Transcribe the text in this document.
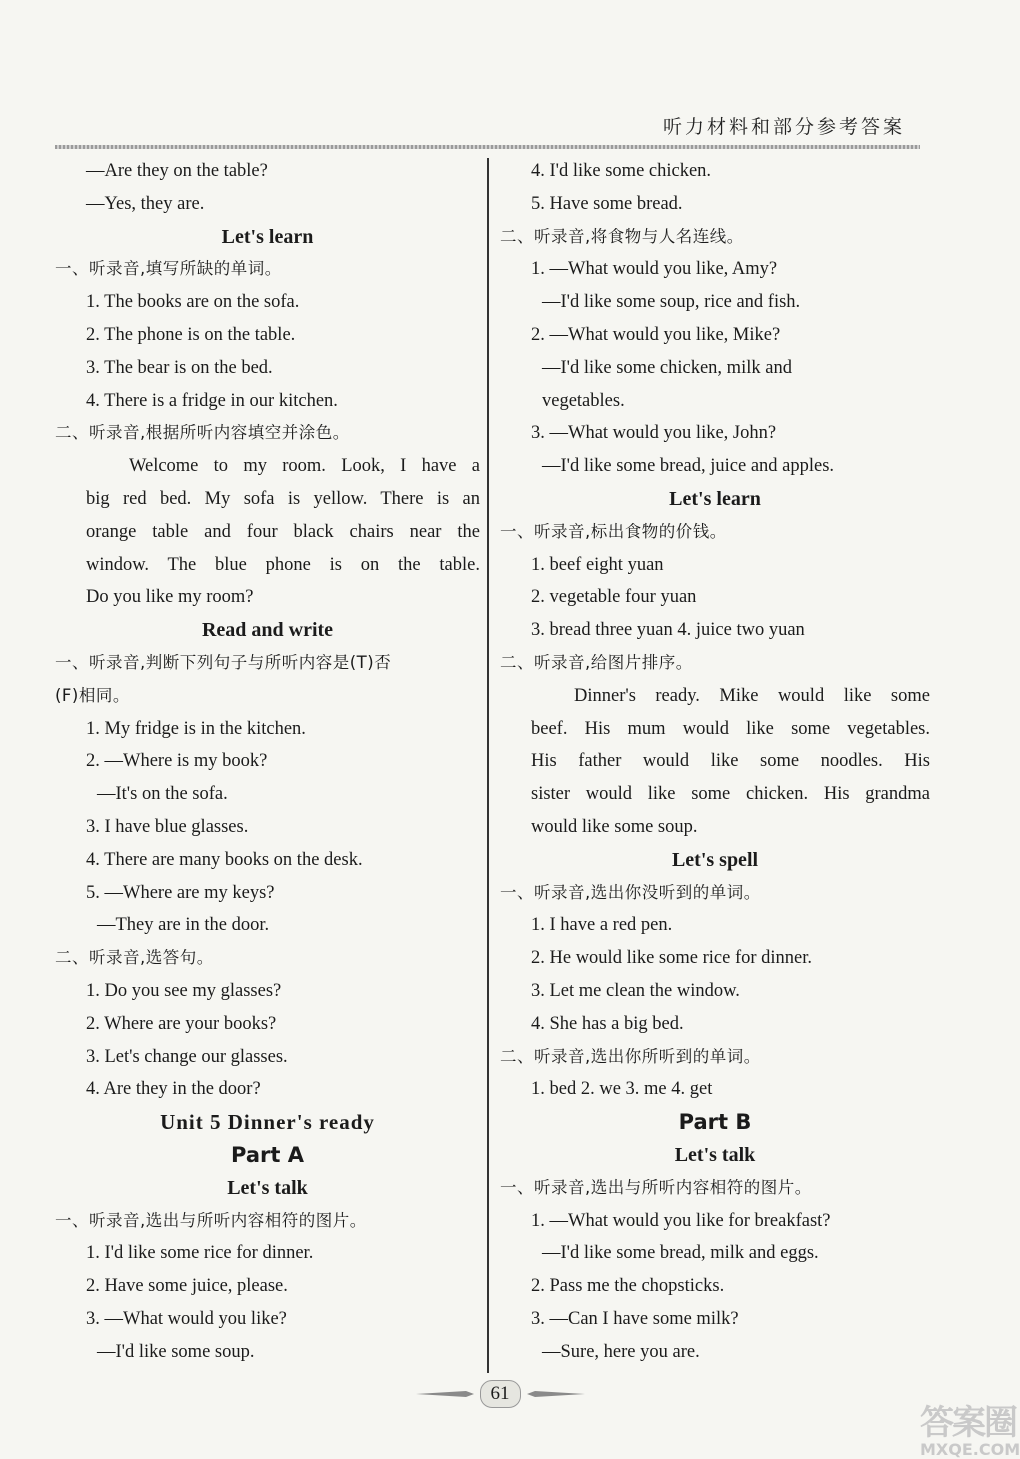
听力材料和部分参考答案
—Are they on the table?
—Yes, they are.
Let's learn
一、听录音,填写所缺的单词。
1. The books are on the sofa.
2. The phone is on the table.
3. The bear is on the bed.
4. There is a fridge in our kitchen.
二、听录音,根据所听内容填空并涂色。
Welcome to my room. Look, I have a
big red bed. My sofa is yellow. There is an
orange table and four black chairs near the
window. The blue phone is on the table.
Do you like my room?
Read and write
一、听录音,判断下列句子与所听内容是(T)否
(F)相同。
1. My fridge is in the kitchen.
2. —Where is my book?
—It's on the sofa.
3. I have blue glasses.
4. There are many books on the desk.
5. —Where are my keys?
—They are in the door.
二、听录音,选答句。
1. Do you see my glasses?
2. Where are your books?
3. Let's change our glasses.
4. Are they in the door?
Unit 5 Dinner's ready
Part A
Let's talk
一、听录音,选出与所听内容相符的图片。
1. I'd like some rice for dinner.
2. Have some juice, please.
3. —What would you like?
—I'd like some soup.
4. I'd like some chicken.
5. Have some bread.
二、听录音,将食物与人名连线。
1. —What would you like, Amy?
—I'd like some soup, rice and fish.
2. —What would you like, Mike?
—I'd like some chicken, milk and
vegetables.
3. —What would you like, John?
—I'd like some bread, juice and apples.
Let's learn
一、听录音,标出食物的价钱。
1. beef eight yuan
2. vegetable four yuan
3. bread three yuan 4. juice two yuan
二、听录音,给图片排序。
Dinner's ready. Mike would like some
beef. His mum would like some vegetables.
His father would like some noodles. His
sister would like some chicken. His grandma
would like some soup.
Let's spell
一、听录音,选出你没听到的单词。
1. I have a red pen.
2. He would like some rice for dinner.
3. Let me clean the window.
4. She has a big bed.
二、听录音,选出你所听到的单词。
1. bed 2. we 3. me 4. get
Part B
Let's talk
一、听录音,选出与所听内容相符的图片。
1. —What would you like for breakfast?
—I'd like some bread, milk and eggs.
2. Pass me the chopsticks.
3. —Can I have some milk?
—Sure, here you are.
61
答案圈
MXQE.COM
